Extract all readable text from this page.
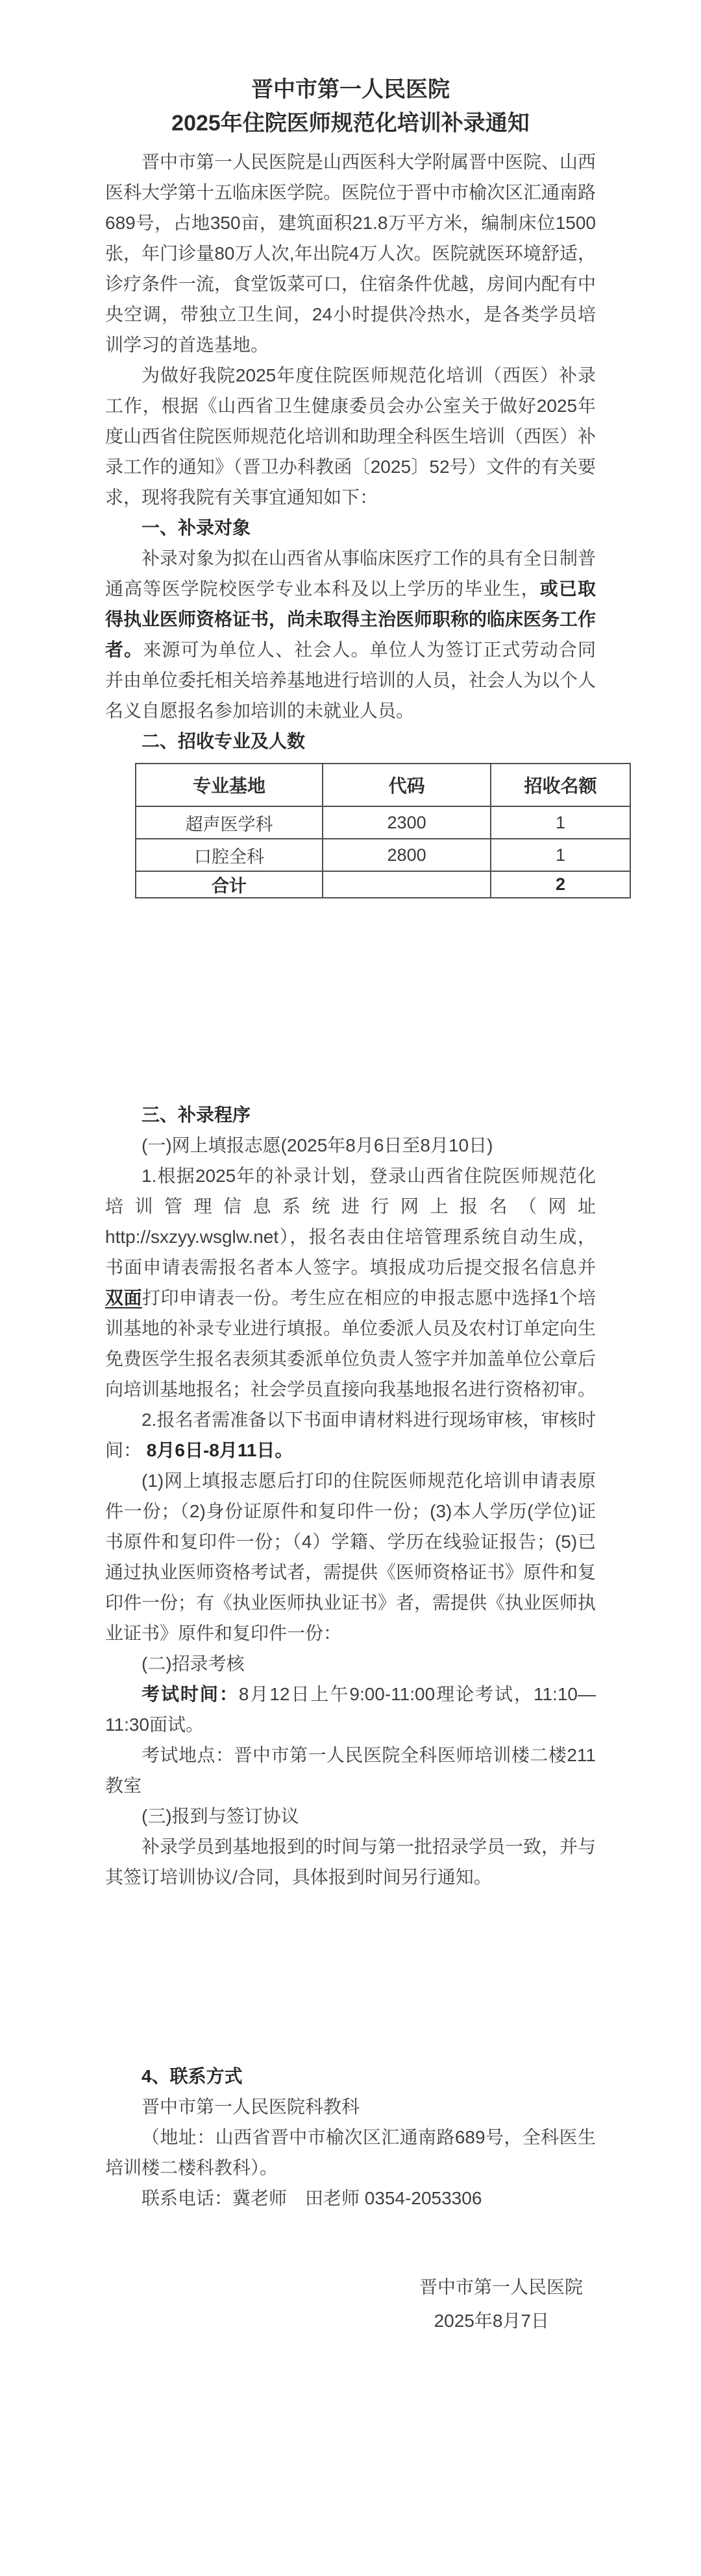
晋中市第一人民医院

2025年住院医师规范化培训补录通知

晋中市第一人民医院是山西医科大学附属晋中医院、山西医科大学第十五临床医学院。医院位于晋中市榆次区汇通南路689号，占地350亩，建筑面积21.8万平方米，编制床位1500张，年门诊量80万人次,年出院4万人次。医院就医环境舒适，诊疗条件一流，食堂饭菜可口，住宿条件优越，房间内配有中央空调，带独立卫生间，24小时提供冷热水，是各类学员培训学习的首选基地。

为做好我院2025年度住院医师规范化培训（西医）补录工作，根据《山西省卫生健康委员会办公室关于做好2025年度山西省住院医师规范化培训和助理全科医生培训（西医）补录工作的通知》（晋卫办科教函〔2025〕52号）文件的有关要求，现将我院有关事宜通知如下：

一、补录对象

补录对象为拟在山西省从事临床医疗工作的具有全日制普通高等医学院校医学专业本科及以上学历的毕业生，或已取得执业医师资格证书，尚未取得主治医师职称的临床医务工作者。来源可为单位人、社会人。单位人为签订正式劳动合同并由单位委托相关培养基地进行培训的人员，社会人为以个人名义自愿报名参加培训的未就业人员。

二、招收专业及人数

专业基地	代码	招收名额
超声医学科	2300	1
口腔全科	2800	1
合计		2

三、补录程序

(一)网上填报志愿(2025年8月6日至8月10日)

1.根据2025年的补录计划，登录山西省住院医师规范化培训管理信息系统进行网上报名（网址http://sxzyy.wsglw.net），报名表由住培管理系统自动生成，书面申请表需报名者本人签字。填报成功后提交报名信息并双面打印申请表一份。考生应在相应的申报志愿中选择1个培训基地的补录专业进行填报。单位委派人员及农村订单定向生免费医学生报名表须其委派单位负责人签字并加盖单位公章后向培训基地报名；社会学员直接向我基地报名进行资格初审。

2.报名者需准备以下书面申请材料进行现场审核，审核时间： 8月6日-8月11日。

(1)网上填报志愿后打印的住院医师规范化培训申请表原件一份；（2)身份证原件和复印件一份；(3)本人学历(学位)证书原件和复印件一份；（4）学籍、学历在线验证报告；(5)已通过执业医师资格考试者，需提供《医师资格证书》原件和复印件一份；有《执业医师执业证书》者，需提供《执业医师执业证书》原件和复印件一份：

(二)招录考核

考试时间：8月12日上午9:00-11:00理论考试，11:10—11:30面试。

考试地点：晋中市第一人民医院全科医师培训楼二楼211教室

(三)报到与签订协议

补录学员到基地报到的时间与第一批招录学员一致，并与其签订培训协议/合同，具体报到时间另行通知。

4、联系方式

晋中市第一人民医院科教科

（地址：山西省晋中市榆次区汇通南路689号，全科医生培训楼二楼科教科）。

联系电话：冀老师　田老师 0354-2053306

晋中市第一人民医院
2025年8月7日
